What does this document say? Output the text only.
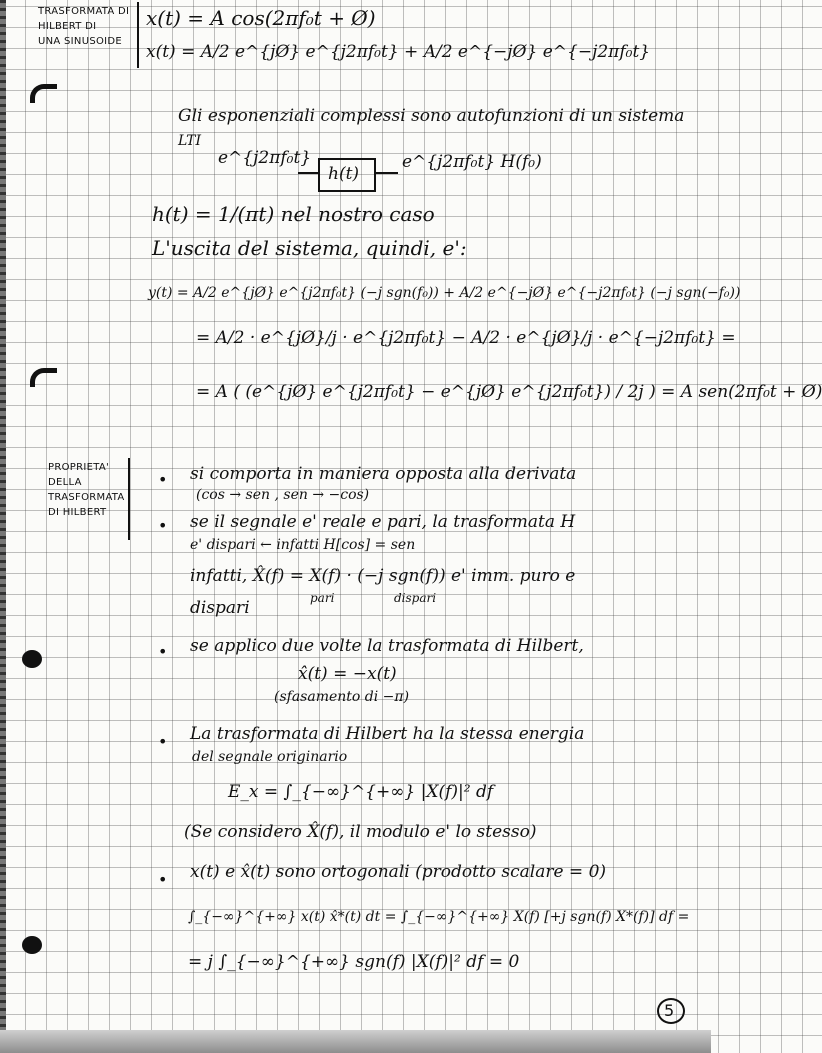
TRASFORMATA DI
HILBERT DI
UNA SINUSOIDE
x(t) = A cos(2πf₀t + Ø)
x(t) = A/2 e^{jØ} e^{j2πf₀t} + A/2 e^{−jØ} e^{−j2πf₀t}
Gli esponenziali complessi sono autofunzioni di un sistema
LTI
e^{j2πf₀t}
h(t)
e^{j2πf₀t} H(f₀)
h(t) = 1/(πt) nel nostro caso
L'uscita del sistema, quindi, e':
y(t) = A/2 e^{jØ} e^{j2πf₀t} (−j sgn(f₀)) + A/2 e^{−jØ} e^{−j2πf₀t} (−j sgn(−f₀))
= A/2 · e^{jØ}/j · e^{j2πf₀t} − A/2 · e^{jØ}/j · e^{−j2πf₀t} =
= A ( (e^{jØ} e^{j2πf₀t} − e^{jØ} e^{j2πf₀t}) / 2j ) = A sen(2πf₀t + Ø)
PROPRIETA'
DELLA
TRASFORMATA
DI HILBERT
• si comporta in maniera opposta alla derivata
(cos → sen , sen → −cos)
• se il segnale e' reale e pari, la trasformata H
e' dispari ← infatti H[cos] = sen
infatti, X̂(f) = X(f) · (−j sgn(f)) e' imm. puro e
pari	dispari
dispari
• se applico due volte la trasformata di Hilbert,
x̂̂(t) = −x(t)
(sfasamento di −π)
• La trasformata di Hilbert ha la stessa energia
del segnale originario
E_x = ∫_{−∞}^{+∞} |X(f)|² df
(Se considero X̂(f), il modulo e' lo stesso)
• x(t) e x̂(t) sono ortogonali (prodotto scalare = 0)
∫_{−∞}^{+∞} x(t) x̂*(t) dt = ∫_{−∞}^{+∞} X(f) [+j sgn(f) X*(f)] df =
= j ∫_{−∞}^{+∞} sgn(f) |X(f)|² df = 0
5
